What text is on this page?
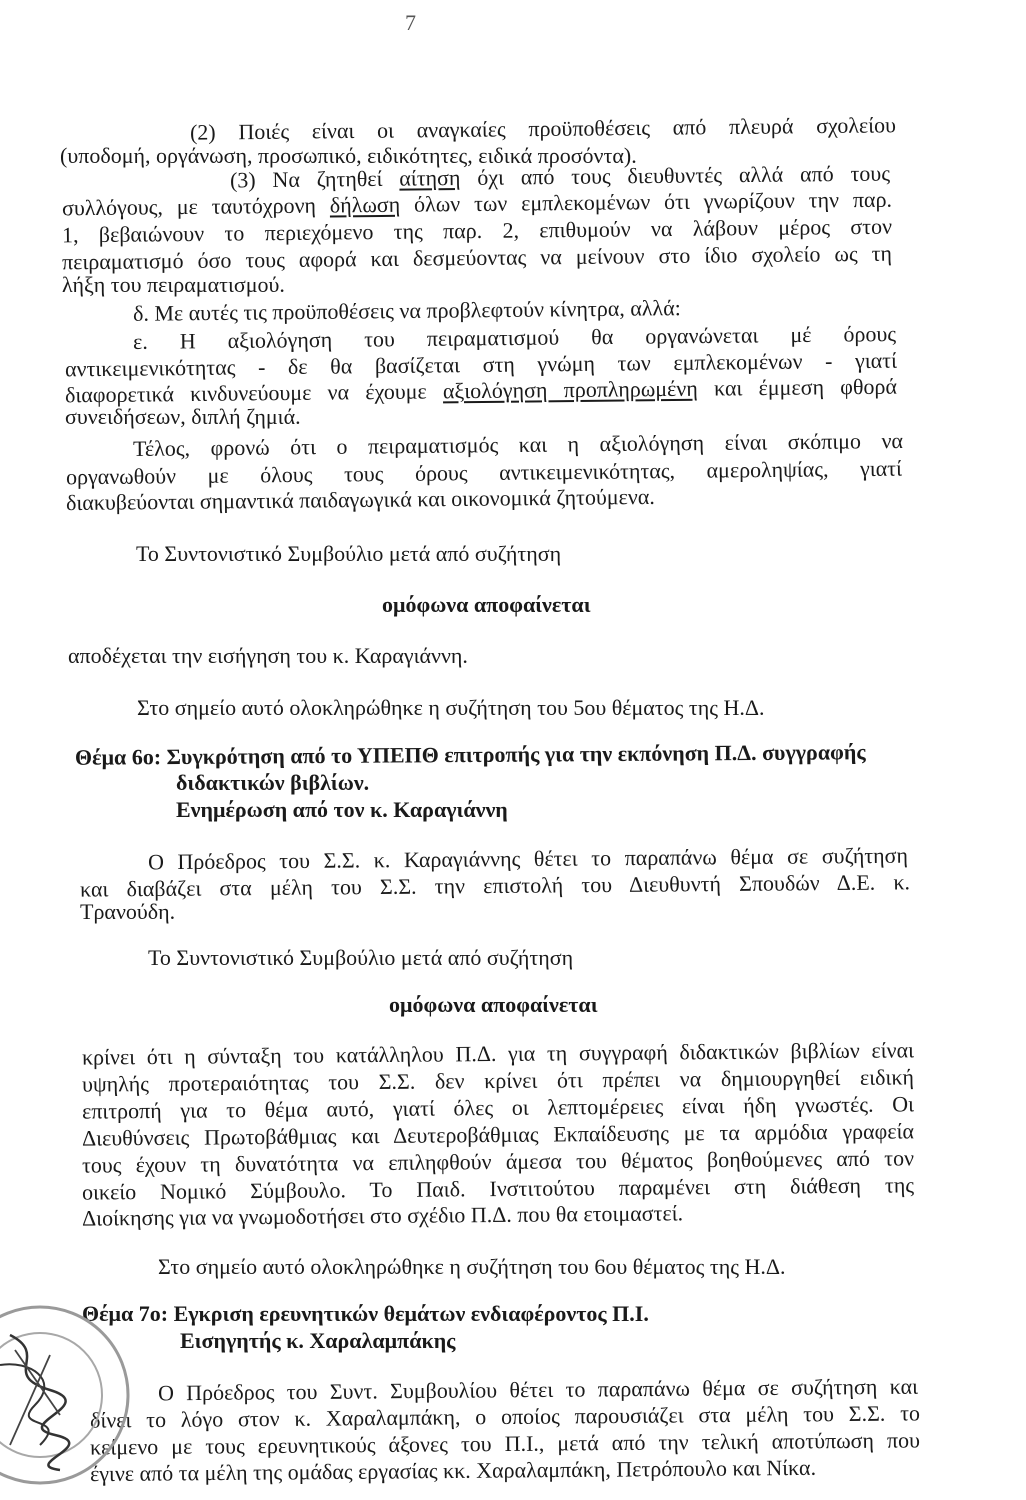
7
(2) Ποιές είναι οι αναγκαίες προϋποθέσεις από πλευρά σχολείου
(υποδομή, οργάνωση, προσωπικό, ειδικότητες, ειδικά προσόντα).
(3) Να ζητηθεί αίτηση όχι από τους διευθυντές αλλά από τους
συλλόγους, με ταυτόχρονη δήλωση όλων των εμπλεκομένων ότι γνωρίζουν την παρ.
1, βεβαιώνουν το περιεχόμενο της παρ. 2, επιθυμούν να λάβουν μέρος στον
πειραματισμό όσο τους αφορά και δεσμεύοντας να μείνουν στο ίδιο σχολείο ως τη
λήξη του πειραματισμού.
δ. Με αυτές τις προϋποθέσεις να προβλεφτούν κίνητρα, αλλά:
ε. Η αξιολόγηση του πειραματισμού θα οργανώνεται μέ όρους
αντικειμενικότητας - δε θα βασίζεται στη γνώμη των εμπλεκομένων - γιατί
διαφορετικά κινδυνεύουμε να έχουμε αξιολόγηση προπληρωμένη και έμμεση φθορά
συνειδήσεων, διπλή ζημιά.
Τέλος, φρονώ ότι ο πειραματισμός και η αξιολόγηση είναι σκόπιμο να
οργανωθούν με όλους τους όρους αντικειμενικότητας, αμεροληψίας, γιατί
διακυβεύονται σημαντικά παιδαγωγικά και οικονομικά ζητούμενα.
Το Συντονιστικό Συμβούλιο μετά από συζήτηση
ομόφωνα αποφαίνεται
αποδέχεται την εισήγηση του κ. Καραγιάννη.
Στο σημείο αυτό ολοκληρώθηκε η συζήτηση του 5ου θέματος της Η.Δ.
Θέμα 6ο: Συγκρότηση από το ΥΠΕΠΘ επιτροπής για την εκπόνηση Π.Δ. συγγραφής
διδακτικών βιβλίων.
Ενημέρωση από τον κ. Καραγιάννη
Ο Πρόεδρος του Σ.Σ. κ. Καραγιάννης θέτει το παραπάνω θέμα σε συζήτηση
και διαβάζει στα μέλη του Σ.Σ. την επιστολή του Διευθυντή Σπουδών Δ.Ε. κ.
Τρανούδη.
Το Συντονιστικό Συμβούλιο μετά από συζήτηση
ομόφωνα αποφαίνεται
κρίνει ότι η σύνταξη του κατάλληλου Π.Δ. για τη συγγραφή διδακτικών βιβλίων είναι
υψηλής προτεραιότητας του Σ.Σ. δεν κρίνει ότι πρέπει να δημιουργηθεί ειδική
επιτροπή για το θέμα αυτό, γιατί όλες οι λεπτομέρειες είναι ήδη γνωστές. Οι
Διευθύνσεις Πρωτοβάθμιας και Δευτεροβάθμιας Εκπαίδευσης με τα αρμόδια γραφεία
τους έχουν τη δυνατότητα να επιληφθούν άμεσα του θέματος βοηθούμενες από τον
οικείο Νομικό Σύμβουλο. Το Παιδ. Ινστιτούτου παραμένει στη διάθεση της
Διοίκησης για να γνωμοδοτήσει στο σχέδιο Π.Δ. που θα ετοιμαστεί.
Στο σημείο αυτό ολοκληρώθηκε η συζήτηση του 6ου θέματος της Η.Δ.
Θέμα 7ο: Εγκριση ερευνητικών θεμάτων ενδιαφέροντος Π.Ι.
Εισηγητής κ. Χαραλαμπάκης
Ο Πρόεδρος του Συντ. Συμβουλίου θέτει το παραπάνω θέμα σε συζήτηση και
δίνει το λόγο στον κ. Χαραλαμπάκη, ο οποίος παρουσιάζει στα μέλη του Σ.Σ. το
κείμενο με τους ερευνητικούς άξονες του Π.Ι., μετά από την τελική αποτύπωση που
έγινε από τα μέλη της ομάδας εργασίας κκ. Χαραλαμπάκη, Πετρόπουλο και Νίκα.
